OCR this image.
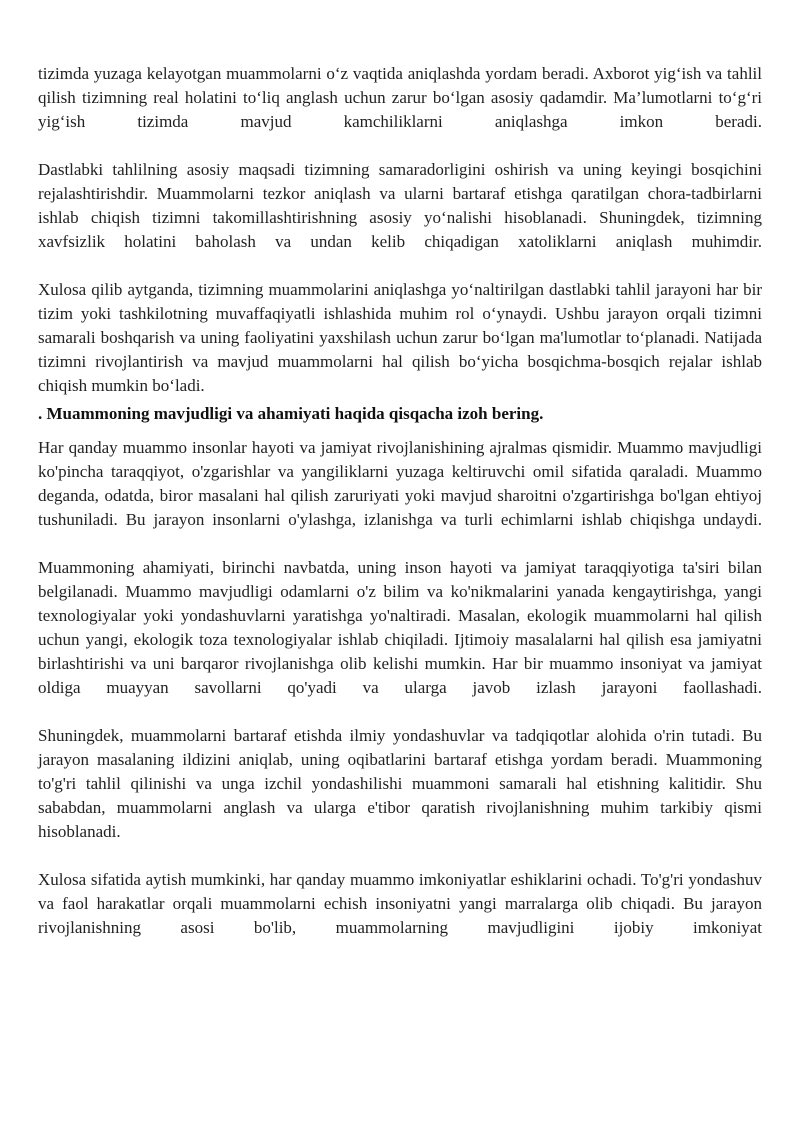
tizimda yuzaga kelayotgan muammolarni o‘z vaqtida aniqlashda yordam beradi. Axborot yig‘ish va tahlil qilish tizimning real holatini to‘liq anglash uchun zarur bo‘lgan asosiy qadamdir. Ma’lumotlarni to‘g‘ri yig‘ish tizimda mavjud kamchiliklarni aniqlashga imkon beradi.

Dastlabki tahlilning asosiy maqsadi tizimning samaradorligini oshirish va uning keyingi bosqichini rejalashtirishdir. Muammolarni tezkor aniqlash va ularni bartaraf etishga qaratilgan chora-tadbirlarni ishlab chiqish tizimni takomillashtirishning asosiy yo‘nalishi hisoblanadi. Shuningdek, tizimning xavfsizlik holatini baholash va undan kelib chiqadigan xatoliklarni aniqlash muhimdir.

Xulosa qilib aytganda, tizimning muammolarini aniqlashga yo‘naltirilgan dastlabki tahlil jarayoni har bir tizim yoki tashkilotning muvaffaqiyatli ishlashida muhim rol o‘ynaydi. Ushbu jarayon orqali tizimni samarali boshqarish va uning faoliyatini yaxshilash uchun zarur bo‘lgan ma'lumotlar to‘planadi. Natijada tizimni rivojlantirish va mavjud muammolarni hal qilish bo‘yicha bosqichma-bosqich rejalar ishlab chiqish mumkin bo‘ladi.

. Muammoning mavjudligi va ahamiyati haqida qisqacha izoh bering.

Har qanday muammo insonlar hayoti va jamiyat rivojlanishining ajralmas qismidir. Muammo mavjudligi ko'pincha taraqqiyot, o'zgarishlar va yangiliklarni yuzaga keltiruvchi omil sifatida qaraladi. Muammo deganda, odatda, biror masalani hal qilish zaruriyati yoki mavjud sharoitni o'zgartirishga bo'lgan ehtiyoj tushuniladi. Bu jarayon insonlarni o'ylashga, izlanishga va turli echimlarni ishlab chiqishga undaydi.

Muammoning ahamiyati, birinchi navbatda, uning inson hayoti va jamiyat taraqqiyotiga ta'siri bilan belgilanadi. Muammo mavjudligi odamlarni o'z bilim va ko'nikmalarini yanada kengaytirishga, yangi texnologiyalar yoki yondashuvlarni yaratishga yo'naltiradi. Masalan, ekologik muammolarni hal qilish uchun yangi, ekologik toza texnologiyalar ishlab chiqiladi. Ijtimoiy masalalarni hal qilish esa jamiyatni birlashtirishi va uni barqaror rivojlanishga olib kelishi mumkin. Har bir muammo insoniyat va jamiyat oldiga muayyan savollarni qo'yadi va ularga javob izlash jarayoni faollashadi.

Shuningdek, muammolarni bartaraf etishda ilmiy yondashuvlar va tadqiqotlar alohida o'rin tutadi. Bu jarayon masalaning ildizini aniqlab, uning oqibatlarini bartaraf etishga yordam beradi. Muammoning to'g'ri tahlil qilinishi va unga izchil yondashilishi muammoni samarali hal etishning kalitidir. Shu sababdan, muammolarni anglash va ularga e'tibor qaratish rivojlanishning muhim tarkibiy qismi hisoblanadi.

Xulosa sifatida aytish mumkinki, har qanday muammo imkoniyatlar eshiklarini ochadi. To'g'ri yondashuv va faol harakatlar orqali muammolarni echish insoniyatni yangi marralarga olib chiqadi. Bu jarayon rivojlanishning asosi bo'lib, muammolarning mavjudligini ijobiy imkoniyat
